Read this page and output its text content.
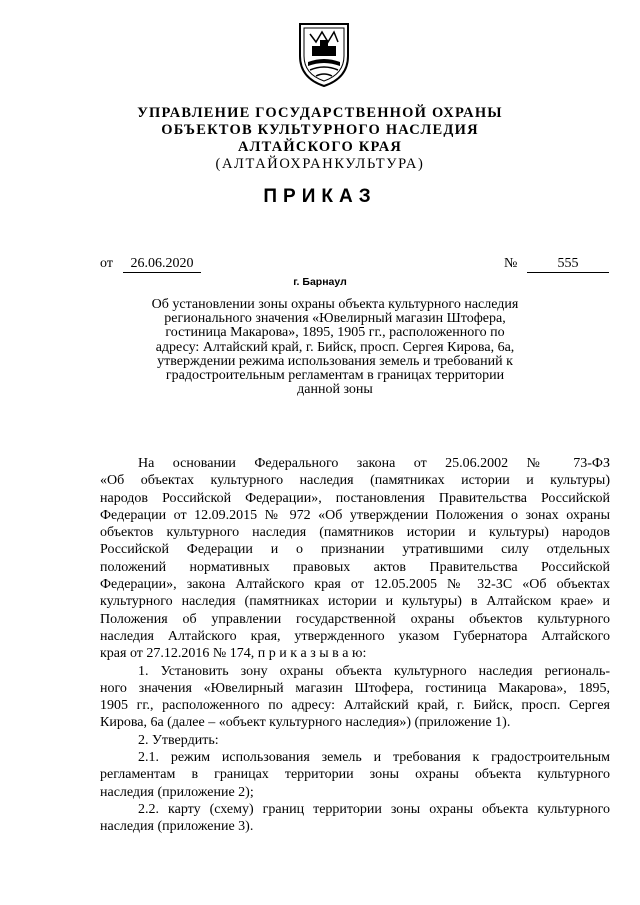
УПРАВЛЕНИЕ ГОСУДАРСТВЕННОЙ ОХРАНЫ
ОБЪЕКТОВ КУЛЬТУРНОГО НАСЛЕДИЯ
АЛТАЙСКОГО КРАЯ
(АЛТАЙОХРАНКУЛЬТУРА)
ПРИКАЗ
от	26.06.2020	№	555
г. Барнаул
Об установлении зоны охраны объекта культурного наследия
регионального значения «Ювелирный магазин Штофера,
гостиница Макарова», 1895, 1905 гг., расположенного по
адресу: Алтайский край, г. Бийск, просп. Сергея Кирова, 6а,
утверждении режима использования земель и требований к
градостроительным регламентам в границах территории
данной зоны
На основании Федерального закона от 25.06.2002 № 73-ФЗ
«Об объектах культурного наследия (памятниках истории и культуры)
народов Российской Федерации», постановления Правительства Российской
Федерации от 12.09.2015 № 972 «Об утверждении Положения о зонах охраны
объектов культурного наследия (памятников истории и культуры) народов
Российской Федерации и о признании утратившими силу отдельных
положений нормативных правовых актов Правительства Российской
Федерации», закона Алтайского края от 12.05.2005 № 32-ЗС «Об объектах
культурного наследия (памятниках истории и культуры) в Алтайском крае» и
Положения об управлении государственной охраны объектов культурного
наследия Алтайского края, утвержденного указом Губернатора Алтайского
края от 27.12.2016 № 174, п р и к а з ы в а ю:
1. Установить зону охраны объекта культурного наследия региональ-
ного значения «Ювелирный магазин Штофера, гостиница Макарова», 1895,
1905 гг., расположенного по адресу: Алтайский край, г. Бийск, просп. Сергея
Кирова, 6а (далее – «объект культурного наследия») (приложение 1).
2. Утвердить:
2.1. режим использования земель и требования к градостроительным
регламентам в границах территории зоны охраны объекта культурного
наследия (приложение 2);
2.2. карту (схему) границ территории зоны охраны объекта культурного
наследия (приложение 3).
